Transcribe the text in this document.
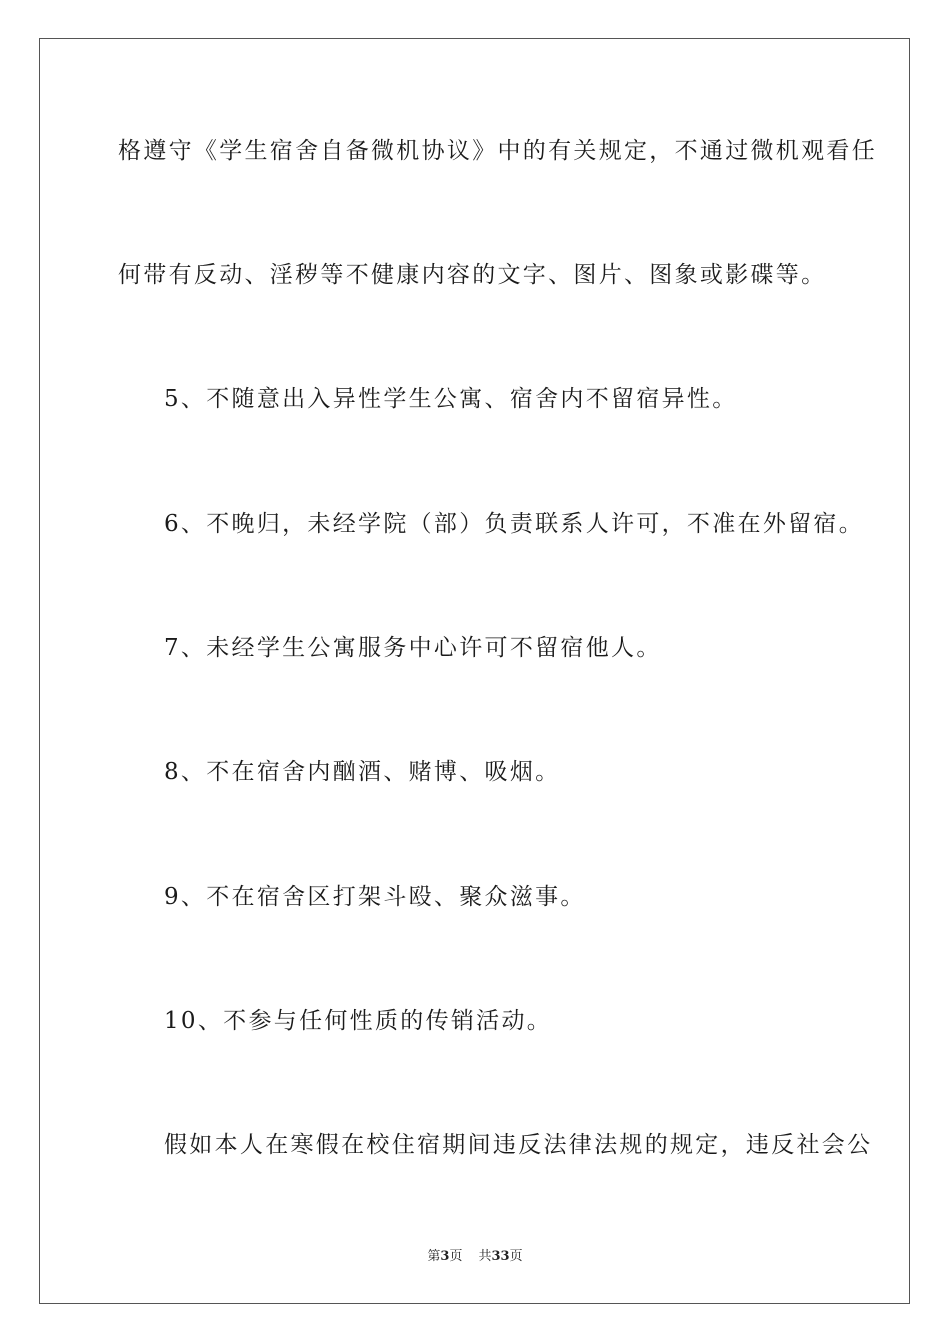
格遵守《学生宿舍自备微机协议》中的有关规定，不通过微机观看任
何带有反动、淫秽等不健康内容的文字、图片、图象或影碟等。
5、不随意出入异性学生公寓、宿舍内不留宿异性。
6、不晚归，未经学院（部）负责联系人许可，不准在外留宿。
7、未经学生公寓服务中心许可不留宿他人。
8、不在宿舍内酗酒、赌博、吸烟。
9、不在宿舍区打架斗殴、聚众滋事。
10、不参与任何性质的传销活动。
假如本人在寒假在校住宿期间违反法律法规的规定，违反社会公
第3页 共33页
